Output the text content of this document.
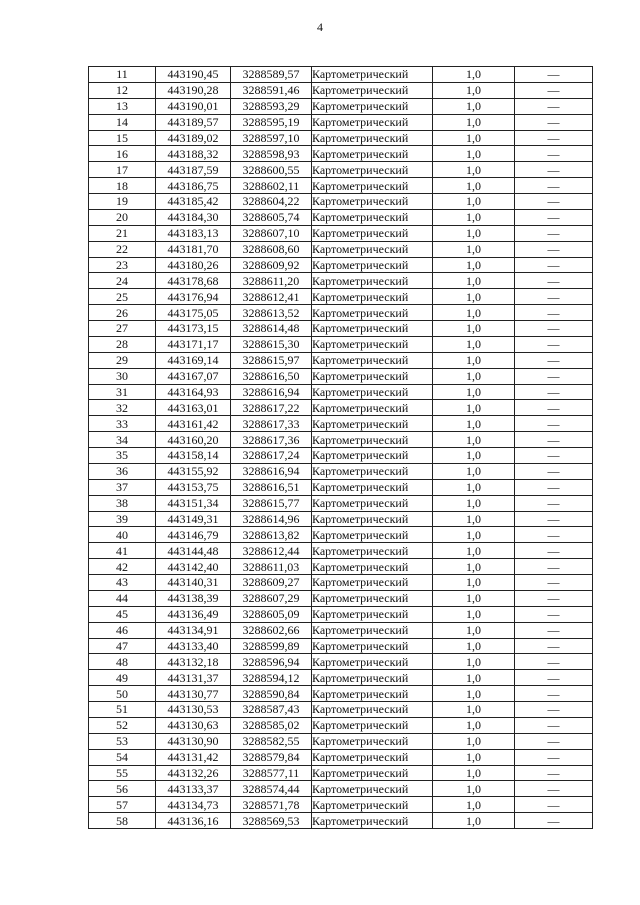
4
11	443190,45	3288589,57	Картометрический	1,0	—
12	443190,28	3288591,46	Картометрический	1,0	—
13	443190,01	3288593,29	Картометрический	1,0	—
14	443189,57	3288595,19	Картометрический	1,0	—
15	443189,02	3288597,10	Картометрический	1,0	—
16	443188,32	3288598,93	Картометрический	1,0	—
17	443187,59	3288600,55	Картометрический	1,0	—
18	443186,75	3288602,11	Картометрический	1,0	—
19	443185,42	3288604,22	Картометрический	1,0	—
20	443184,30	3288605,74	Картометрический	1,0	—
21	443183,13	3288607,10	Картометрический	1,0	—
22	443181,70	3288608,60	Картометрический	1,0	—
23	443180,26	3288609,92	Картометрический	1,0	—
24	443178,68	3288611,20	Картометрический	1,0	—
25	443176,94	3288612,41	Картометрический	1,0	—
26	443175,05	3288613,52	Картометрический	1,0	—
27	443173,15	3288614,48	Картометрический	1,0	—
28	443171,17	3288615,30	Картометрический	1,0	—
29	443169,14	3288615,97	Картометрический	1,0	—
30	443167,07	3288616,50	Картометрический	1,0	—
31	443164,93	3288616,94	Картометрический	1,0	—
32	443163,01	3288617,22	Картометрический	1,0	—
33	443161,42	3288617,33	Картометрический	1,0	—
34	443160,20	3288617,36	Картометрический	1,0	—
35	443158,14	3288617,24	Картометрический	1,0	—
36	443155,92	3288616,94	Картометрический	1,0	—
37	443153,75	3288616,51	Картометрический	1,0	—
38	443151,34	3288615,77	Картометрический	1,0	—
39	443149,31	3288614,96	Картометрический	1,0	—
40	443146,79	3288613,82	Картометрический	1,0	—
41	443144,48	3288612,44	Картометрический	1,0	—
42	443142,40	3288611,03	Картометрический	1,0	—
43	443140,31	3288609,27	Картометрический	1,0	—
44	443138,39	3288607,29	Картометрический	1,0	—
45	443136,49	3288605,09	Картометрический	1,0	—
46	443134,91	3288602,66	Картометрический	1,0	—
47	443133,40	3288599,89	Картометрический	1,0	—
48	443132,18	3288596,94	Картометрический	1,0	—
49	443131,37	3288594,12	Картометрический	1,0	—
50	443130,77	3288590,84	Картометрический	1,0	—
51	443130,53	3288587,43	Картометрический	1,0	—
52	443130,63	3288585,02	Картометрический	1,0	—
53	443130,90	3288582,55	Картометрический	1,0	—
54	443131,42	3288579,84	Картометрический	1,0	—
55	443132,26	3288577,11	Картометрический	1,0	—
56	443133,37	3288574,44	Картометрический	1,0	—
57	443134,73	3288571,78	Картометрический	1,0	—
58	443136,16	3288569,53	Картометрический	1,0	—
